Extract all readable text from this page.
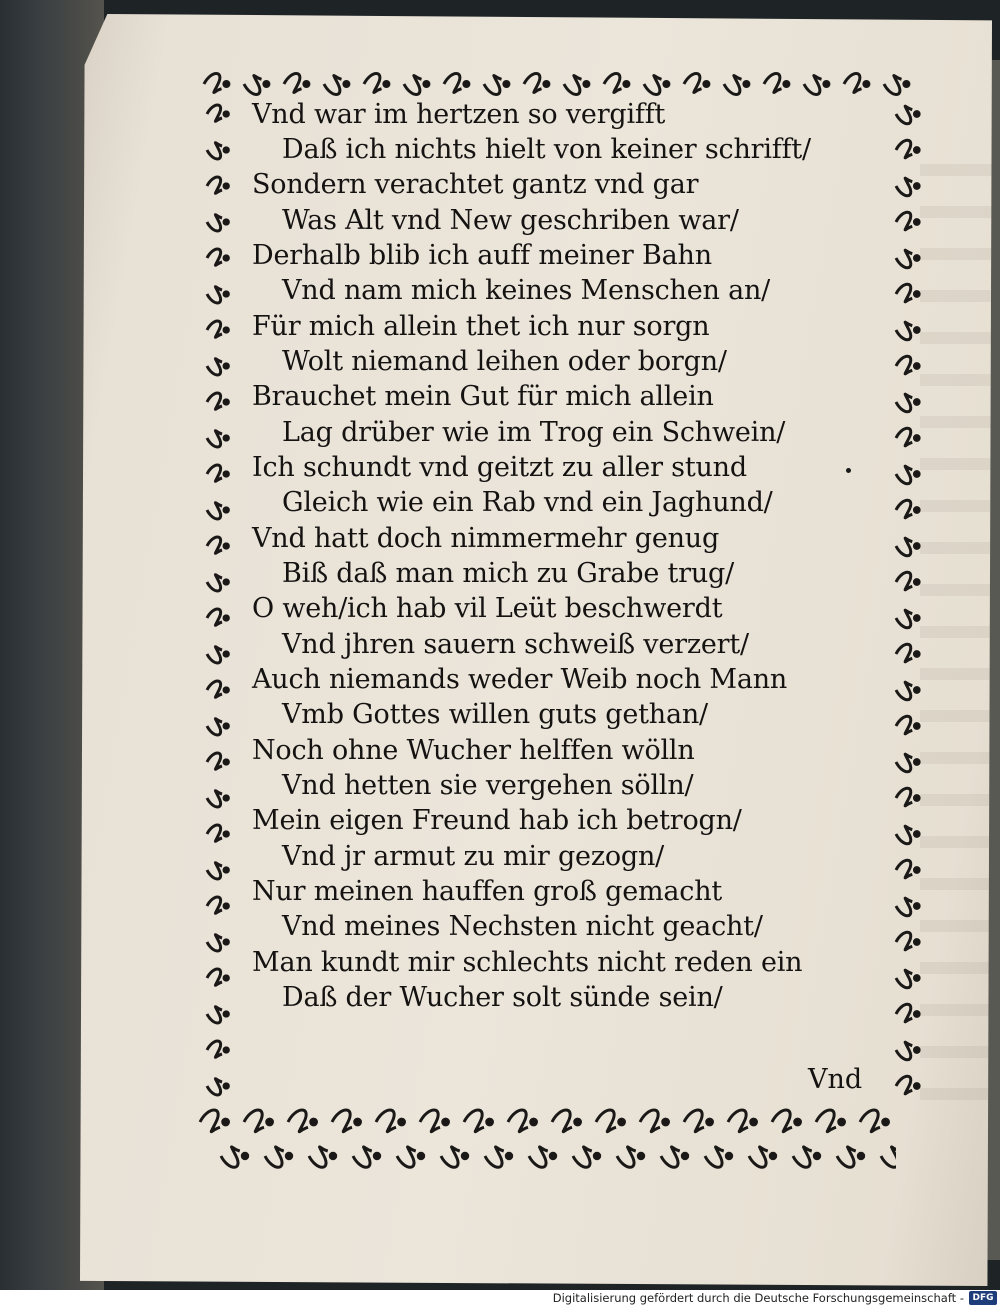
Vnd war im hertzen so vergifft
Daß ich nichts hielt von keiner schrifft/
Sondern verachtet gantz vnd gar
Was Alt vnd New geschriben war/
Derhalb blib ich auff meiner Bahn
Vnd nam mich keines Menschen an/
Für mich allein thet ich nur sorgn
Wolt niemand leihen oder borgn/
Brauchet mein Gut für mich allein
Lag drüber wie im Trog ein Schwein/
Ich schundt vnd geitzt zu aller stund
Gleich wie ein Rab vnd ein Jaghund/
Vnd hatt doch nimmermehr genug
Biß daß man mich zu Grabe trug/
O weh/ich hab vil Leüt beschwerdt
Vnd jhren sauern schweiß verzert/
Auch niemands weder Weib noch Mann
Vmb Gottes willen guts gethan/
Noch ohne Wucher helffen wölln
Vnd hetten sie vergehen sölln/
Mein eigen Freund hab ich betrogn/
Vnd jr armut zu mir gezogn/
Nur meinen hauffen groß gemacht
Vnd meines Nechsten nicht geacht/
Man kundt mir schlechts nicht reden ein
Daß der Wucher solt sünde sein/
Vnd
Digitalisierung gefördert durch die Deutsche Forschungsgemeinschaft - DFG
